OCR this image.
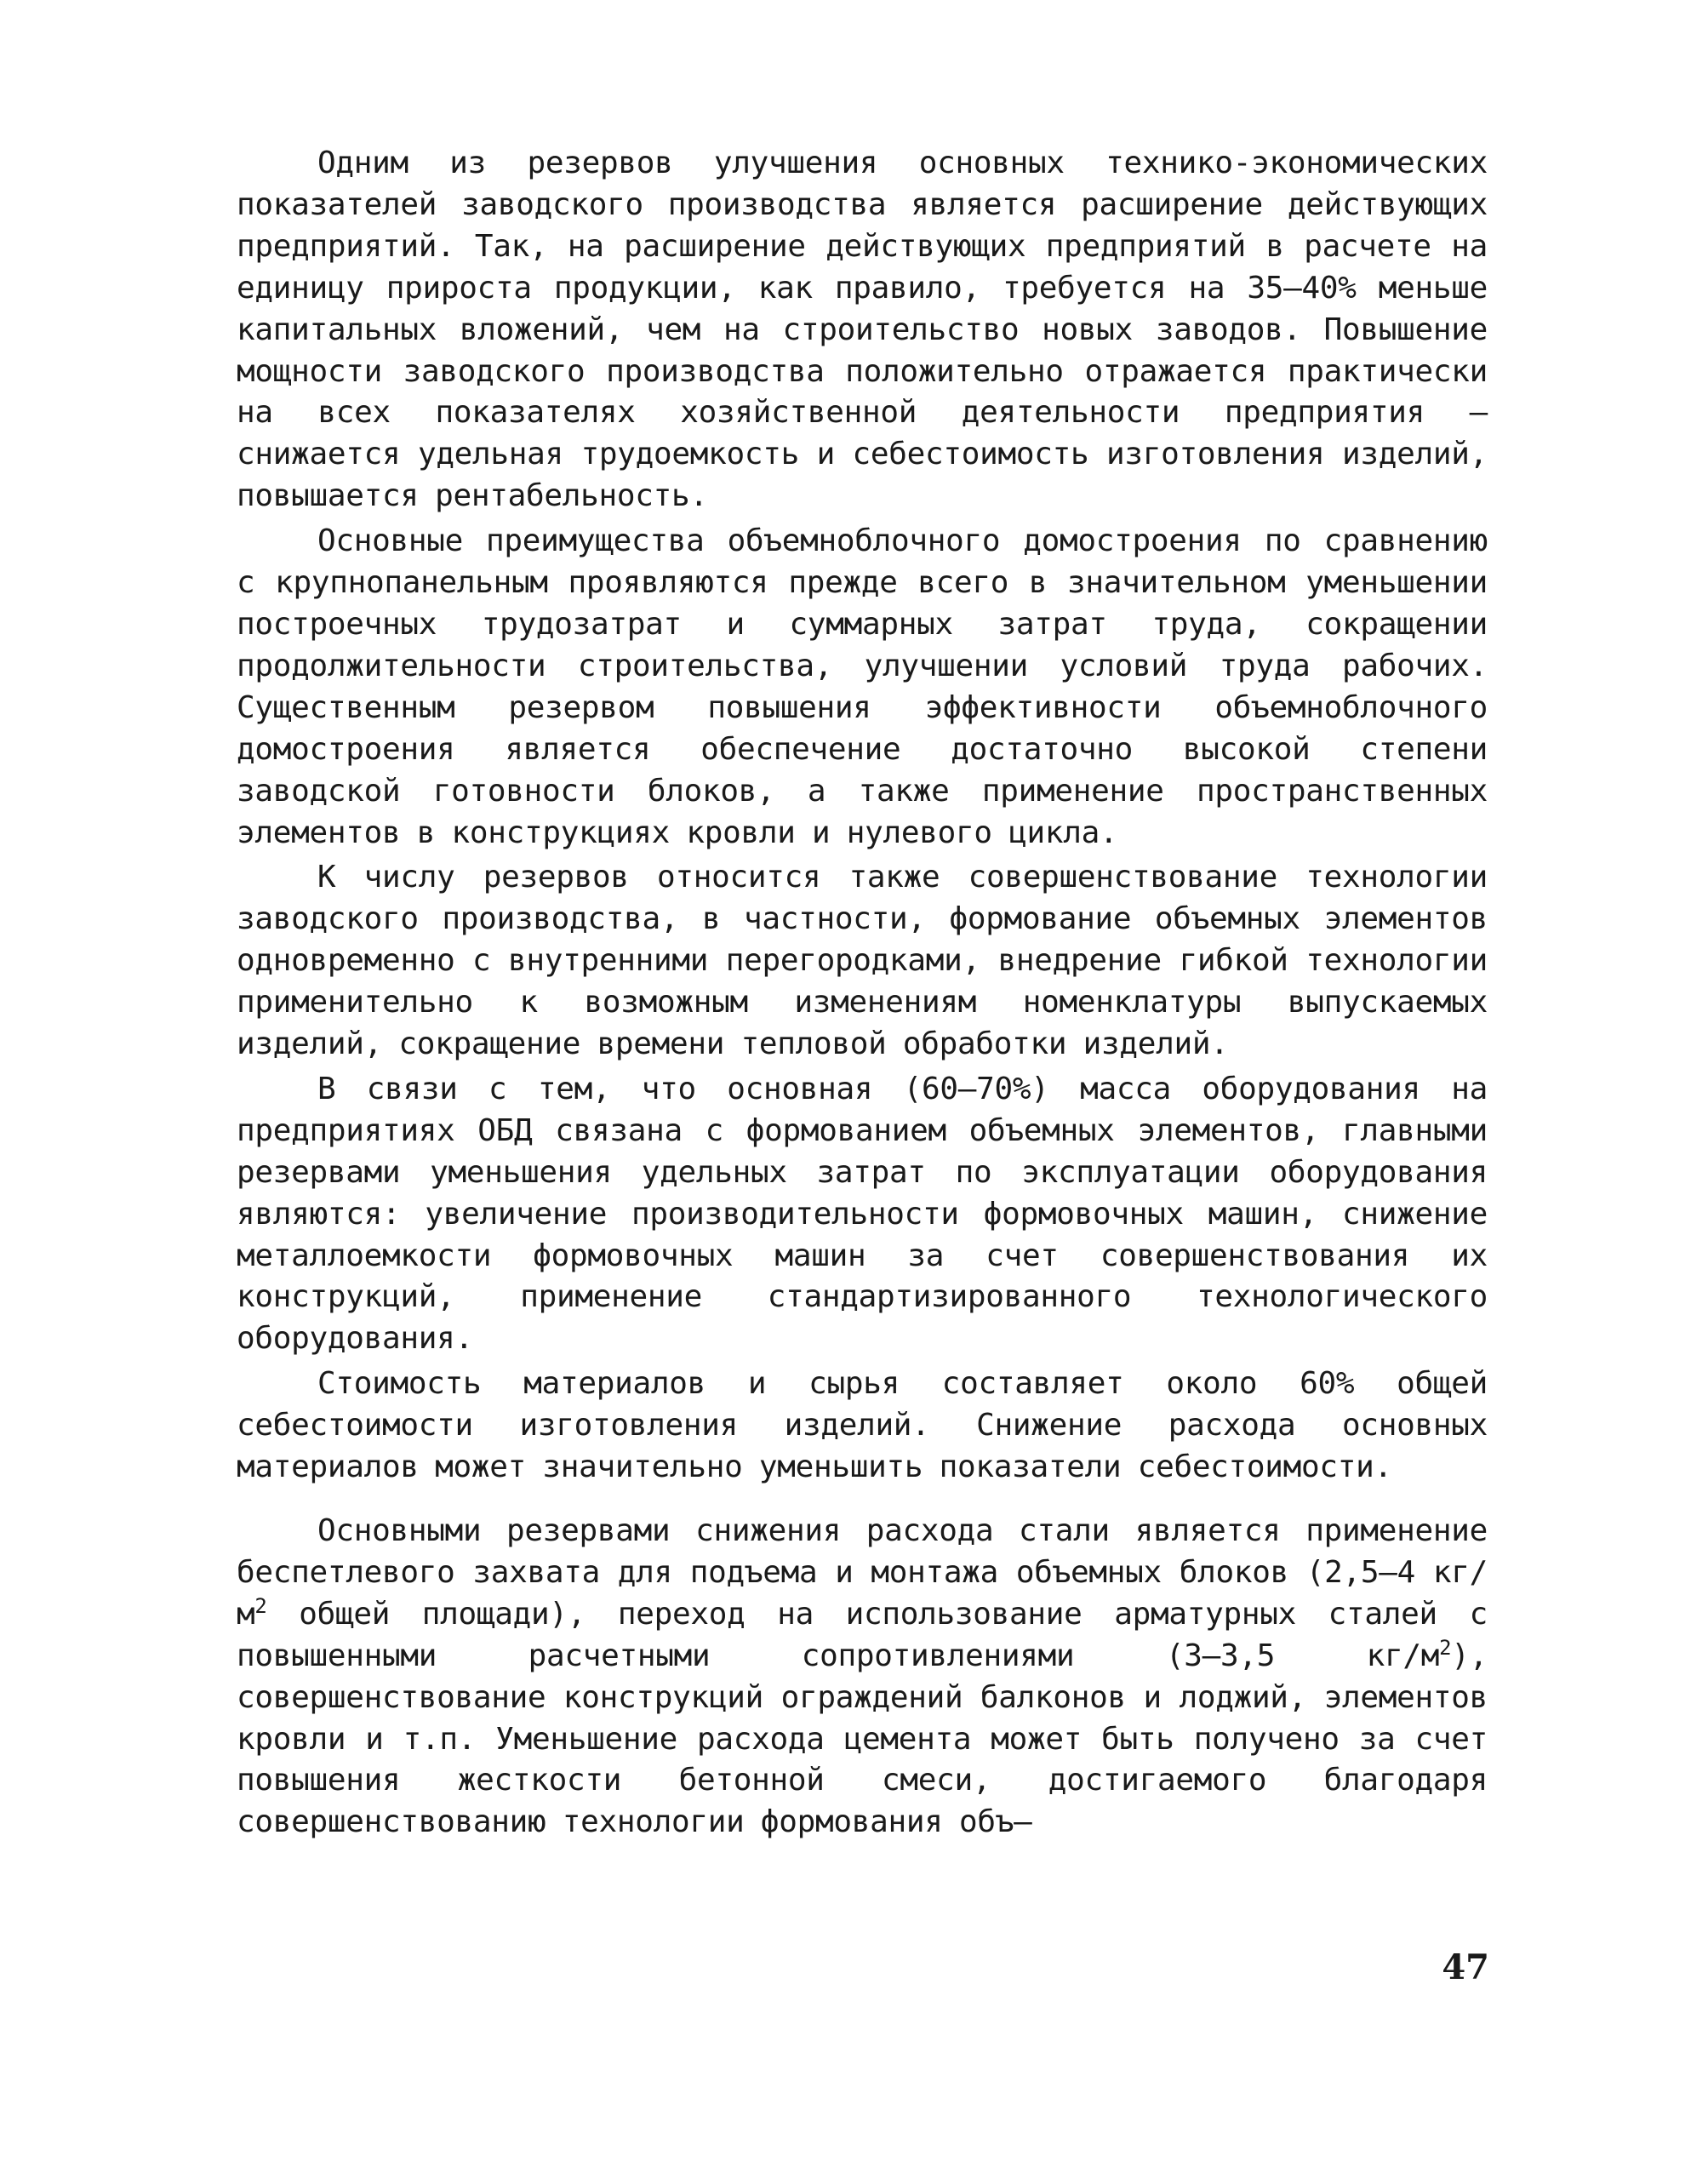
Одним из резервов улучшения основных технико-экономических показателей заводского производства является расширение действующих предприятий. Так, на расширение действующих предприятий в расчете на единицу прироста продукции, как правило, требуется на 35–40% меньше капитальных вложений, чем на строительство новых заводов. Повышение мощности заводского производства положительно отражается практически на всех показателях хозяйственной деятельности предприятия – снижается удельная трудоемкость и себестоимость изготовления изделий, повышается рентабельность.

Основные преимущества объемноблочного домостроения по сравнению с крупнопанельным проявляются прежде всего в значительном уменьшении построечных трудозатрат и суммарных затрат труда, сокращении продолжительности строительства, улучшении условий труда рабочих. Существенным резервом повышения эффективности объемноблочного домостроения является обеспечение достаточно высокой степени заводской готовности блоков, а также применение пространственных элементов в конструкциях кровли и нулевого цикла.

К числу резервов относится также совершенствование технологии заводского производства, в частности, формование объемных элементов одновременно с внутренними перегородками, внедрение гибкой технологии применительно к возможным изменениям номенклатуры выпускаемых изделий, сокращение времени тепловой обработки изделий.

В связи с тем, что основная (60–70%) масса оборудования на предприятиях ОБД связана с формованием объемных элементов, главными резервами уменьшения удельных затрат по эксплуатации оборудования являются: увеличение производительности формовочных машин, снижение металлоемкости формовочных машин за счет совершенствования их конструкций, применение стандартизированного технологического оборудования.

Стоимость материалов и сырья составляет около 60% общей себестоимости изготовления изделий. Снижение расхода основных материалов может значительно уменьшить показатели себестоимости.

Основными резервами снижения расхода стали является применение беспетлевого захвата для подъема и монтажа объемных блоков (2,5–4 $кг/м^2$ общей площади), переход на использование арматурных сталей с повышенными расчетными сопротивлениями (3–3,5 $кг/м^2$), совершенствование конструкций ограждений балконов и лоджий, элементов кровли и т.п. Уменьшение расхода цемента может быть получено за счет повышения жесткости бетонной смеси, достигаемого благодаря совершенствованию технологии формования объ–

47
